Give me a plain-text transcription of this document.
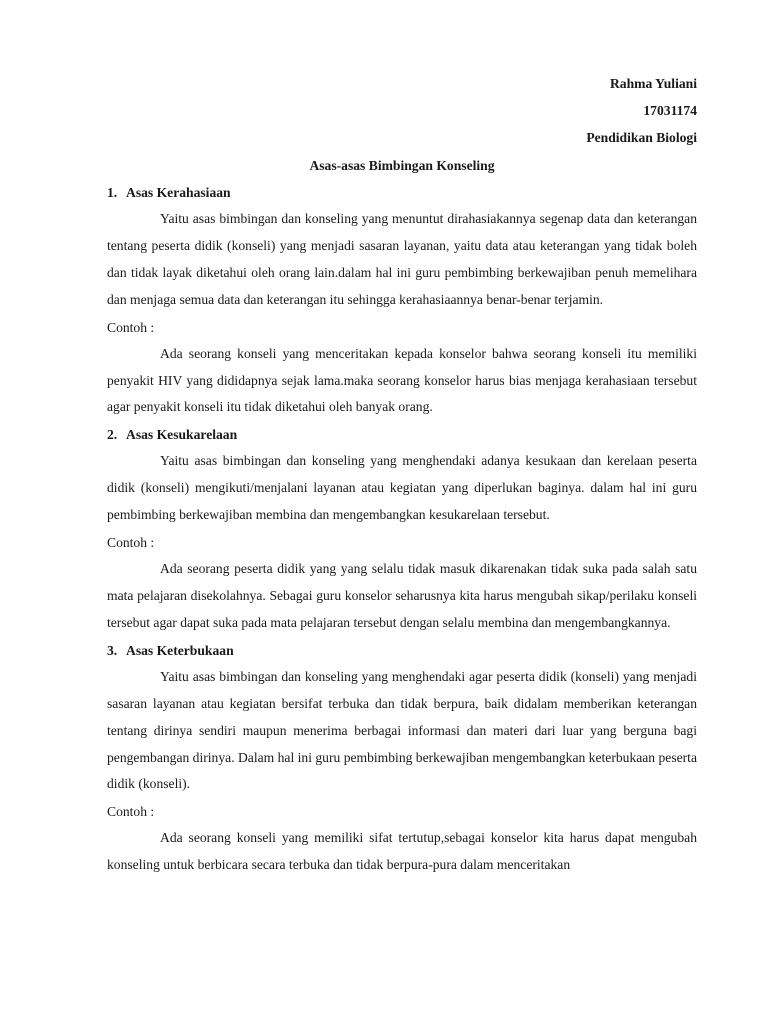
Rahma Yuliani
17031174
Pendidikan Biologi
Asas-asas Bimbingan Konseling
1. Asas Kerahasiaan

Yaitu asas bimbingan dan konseling yang menuntut dirahasiakannya segenap data dan keterangan tentang peserta didik (konseli) yang menjadi sasaran layanan, yaitu data atau keterangan yang tidak boleh dan tidak layak diketahui oleh orang lain.dalam hal ini guru pembimbing berkewajiban penuh memelihara dan menjaga semua data dan keterangan itu sehingga kerahasiaannya benar-benar terjamin.

Contoh :

Ada seorang konseli yang menceritakan kepada konselor bahwa seorang konseli itu memiliki penyakit HIV yang dididapnya sejak lama.maka seorang konselor harus bias menjaga kerahasiaan tersebut agar penyakit konseli itu tidak diketahui oleh banyak orang.

2. Asas Kesukarelaan

Yaitu asas bimbingan dan konseling yang menghendaki adanya kesukaan dan kerelaan peserta didik (konseli) mengikuti/menjalani layanan atau kegiatan yang diperlukan baginya. dalam hal ini guru pembimbing berkewajiban membina dan mengembangkan kesukarelaan tersebut.

Contoh :

Ada seorang peserta didik yang yang selalu tidak masuk dikarenakan tidak suka pada salah satu mata pelajaran disekolahnya. Sebagai guru konselor seharusnya kita harus mengubah sikap/perilaku konseli tersebut agar dapat suka pada mata pelajaran tersebut dengan selalu membina dan mengembangkannya.

3. Asas Keterbukaan

Yaitu asas bimbingan dan konseling yang menghendaki agar peserta didik (konseli) yang menjadi sasaran layanan atau kegiatan bersifat terbuka dan tidak berpura, baik didalam memberikan keterangan tentang dirinya sendiri maupun menerima berbagai informasi dan materi dari luar yang berguna bagi pengembangan dirinya. Dalam hal ini guru pembimbing berkewajiban mengembangkan keterbukaan peserta didik (konseli).

Contoh :

Ada seorang konseli yang memiliki sifat tertutup,sebagai konselor kita harus dapat mengubah konseling untuk berbicara secara terbuka dan tidak berpura-pura dalam menceritakan
